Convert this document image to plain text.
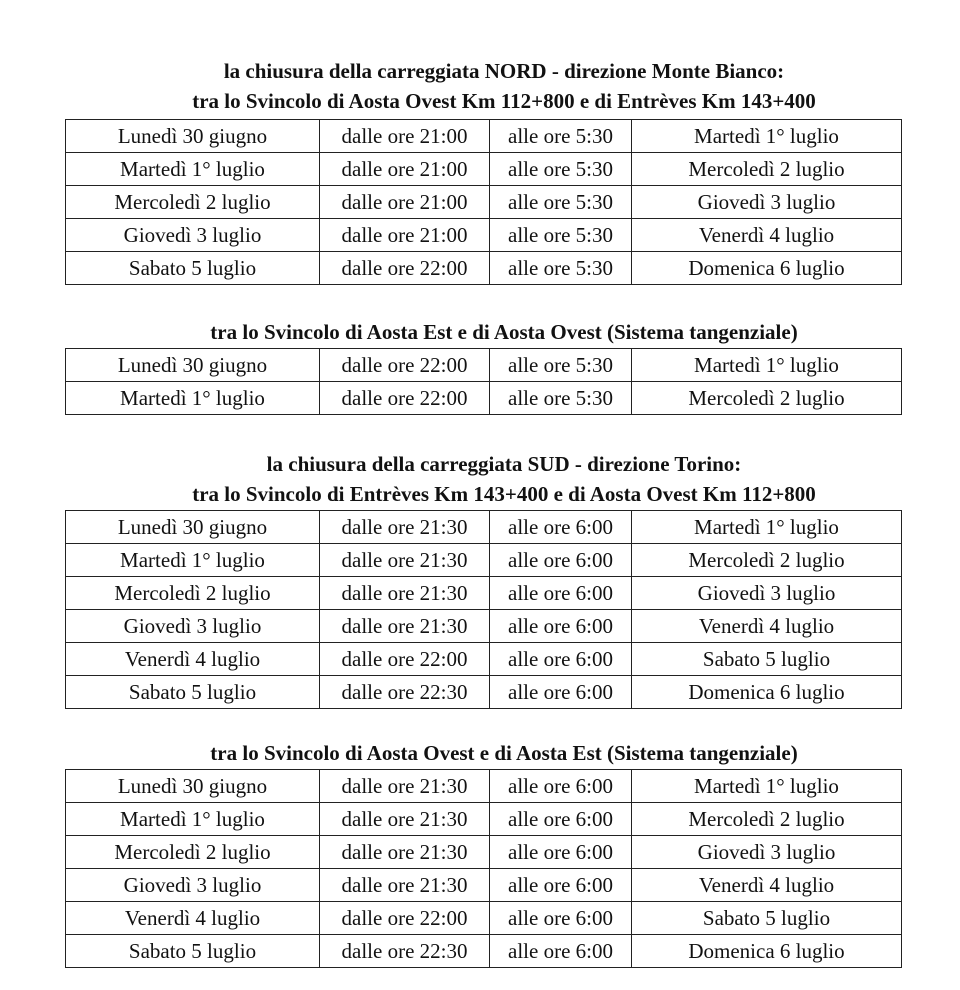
la chiusura della carreggiata NORD - direzione Monte Bianco:
tra lo Svincolo di Aosta Ovest Km 112+800 e di Entrèves Km 143+400
Lunedì 30 giugno	dalle ore 21:00	alle ore 5:30	Martedì 1° luglio
Martedì 1° luglio	dalle ore 21:00	alle ore 5:30	Mercoledì 2 luglio
Mercoledì 2 luglio	dalle ore 21:00	alle ore 5:30	Giovedì 3 luglio
Giovedì 3 luglio	dalle ore 21:00	alle ore 5:30	Venerdì 4 luglio
Sabato 5 luglio	dalle ore 22:00	alle ore 5:30	Domenica 6 luglio
tra lo Svincolo di Aosta Est e di Aosta Ovest (Sistema tangenziale)
Lunedì 30 giugno	dalle ore 22:00	alle ore 5:30	Martedì 1° luglio
Martedì 1° luglio	dalle ore 22:00	alle ore 5:30	Mercoledì 2 luglio
la chiusura della carreggiata SUD - direzione Torino:
tra lo Svincolo di Entrèves Km 143+400 e di Aosta Ovest Km 112+800
Lunedì 30 giugno	dalle ore 21:30	alle ore 6:00	Martedì 1° luglio
Martedì 1° luglio	dalle ore 21:30	alle ore 6:00	Mercoledì 2 luglio
Mercoledì 2 luglio	dalle ore 21:30	alle ore 6:00	Giovedì 3 luglio
Giovedì 3 luglio	dalle ore 21:30	alle ore 6:00	Venerdì 4 luglio
Venerdì 4 luglio	dalle ore 22:00	alle ore 6:00	Sabato 5 luglio
Sabato 5 luglio	dalle ore 22:30	alle ore 6:00	Domenica 6 luglio
tra lo Svincolo di Aosta Ovest e di Aosta Est (Sistema tangenziale)
Lunedì 30 giugno	dalle ore 21:30	alle ore 6:00	Martedì 1° luglio
Martedì 1° luglio	dalle ore 21:30	alle ore 6:00	Mercoledì 2 luglio
Mercoledì 2 luglio	dalle ore 21:30	alle ore 6:00	Giovedì 3 luglio
Giovedì 3 luglio	dalle ore 21:30	alle ore 6:00	Venerdì 4 luglio
Venerdì 4 luglio	dalle ore 22:00	alle ore 6:00	Sabato 5 luglio
Sabato 5 luglio	dalle ore 22:30	alle ore 6:00	Domenica 6 luglio
